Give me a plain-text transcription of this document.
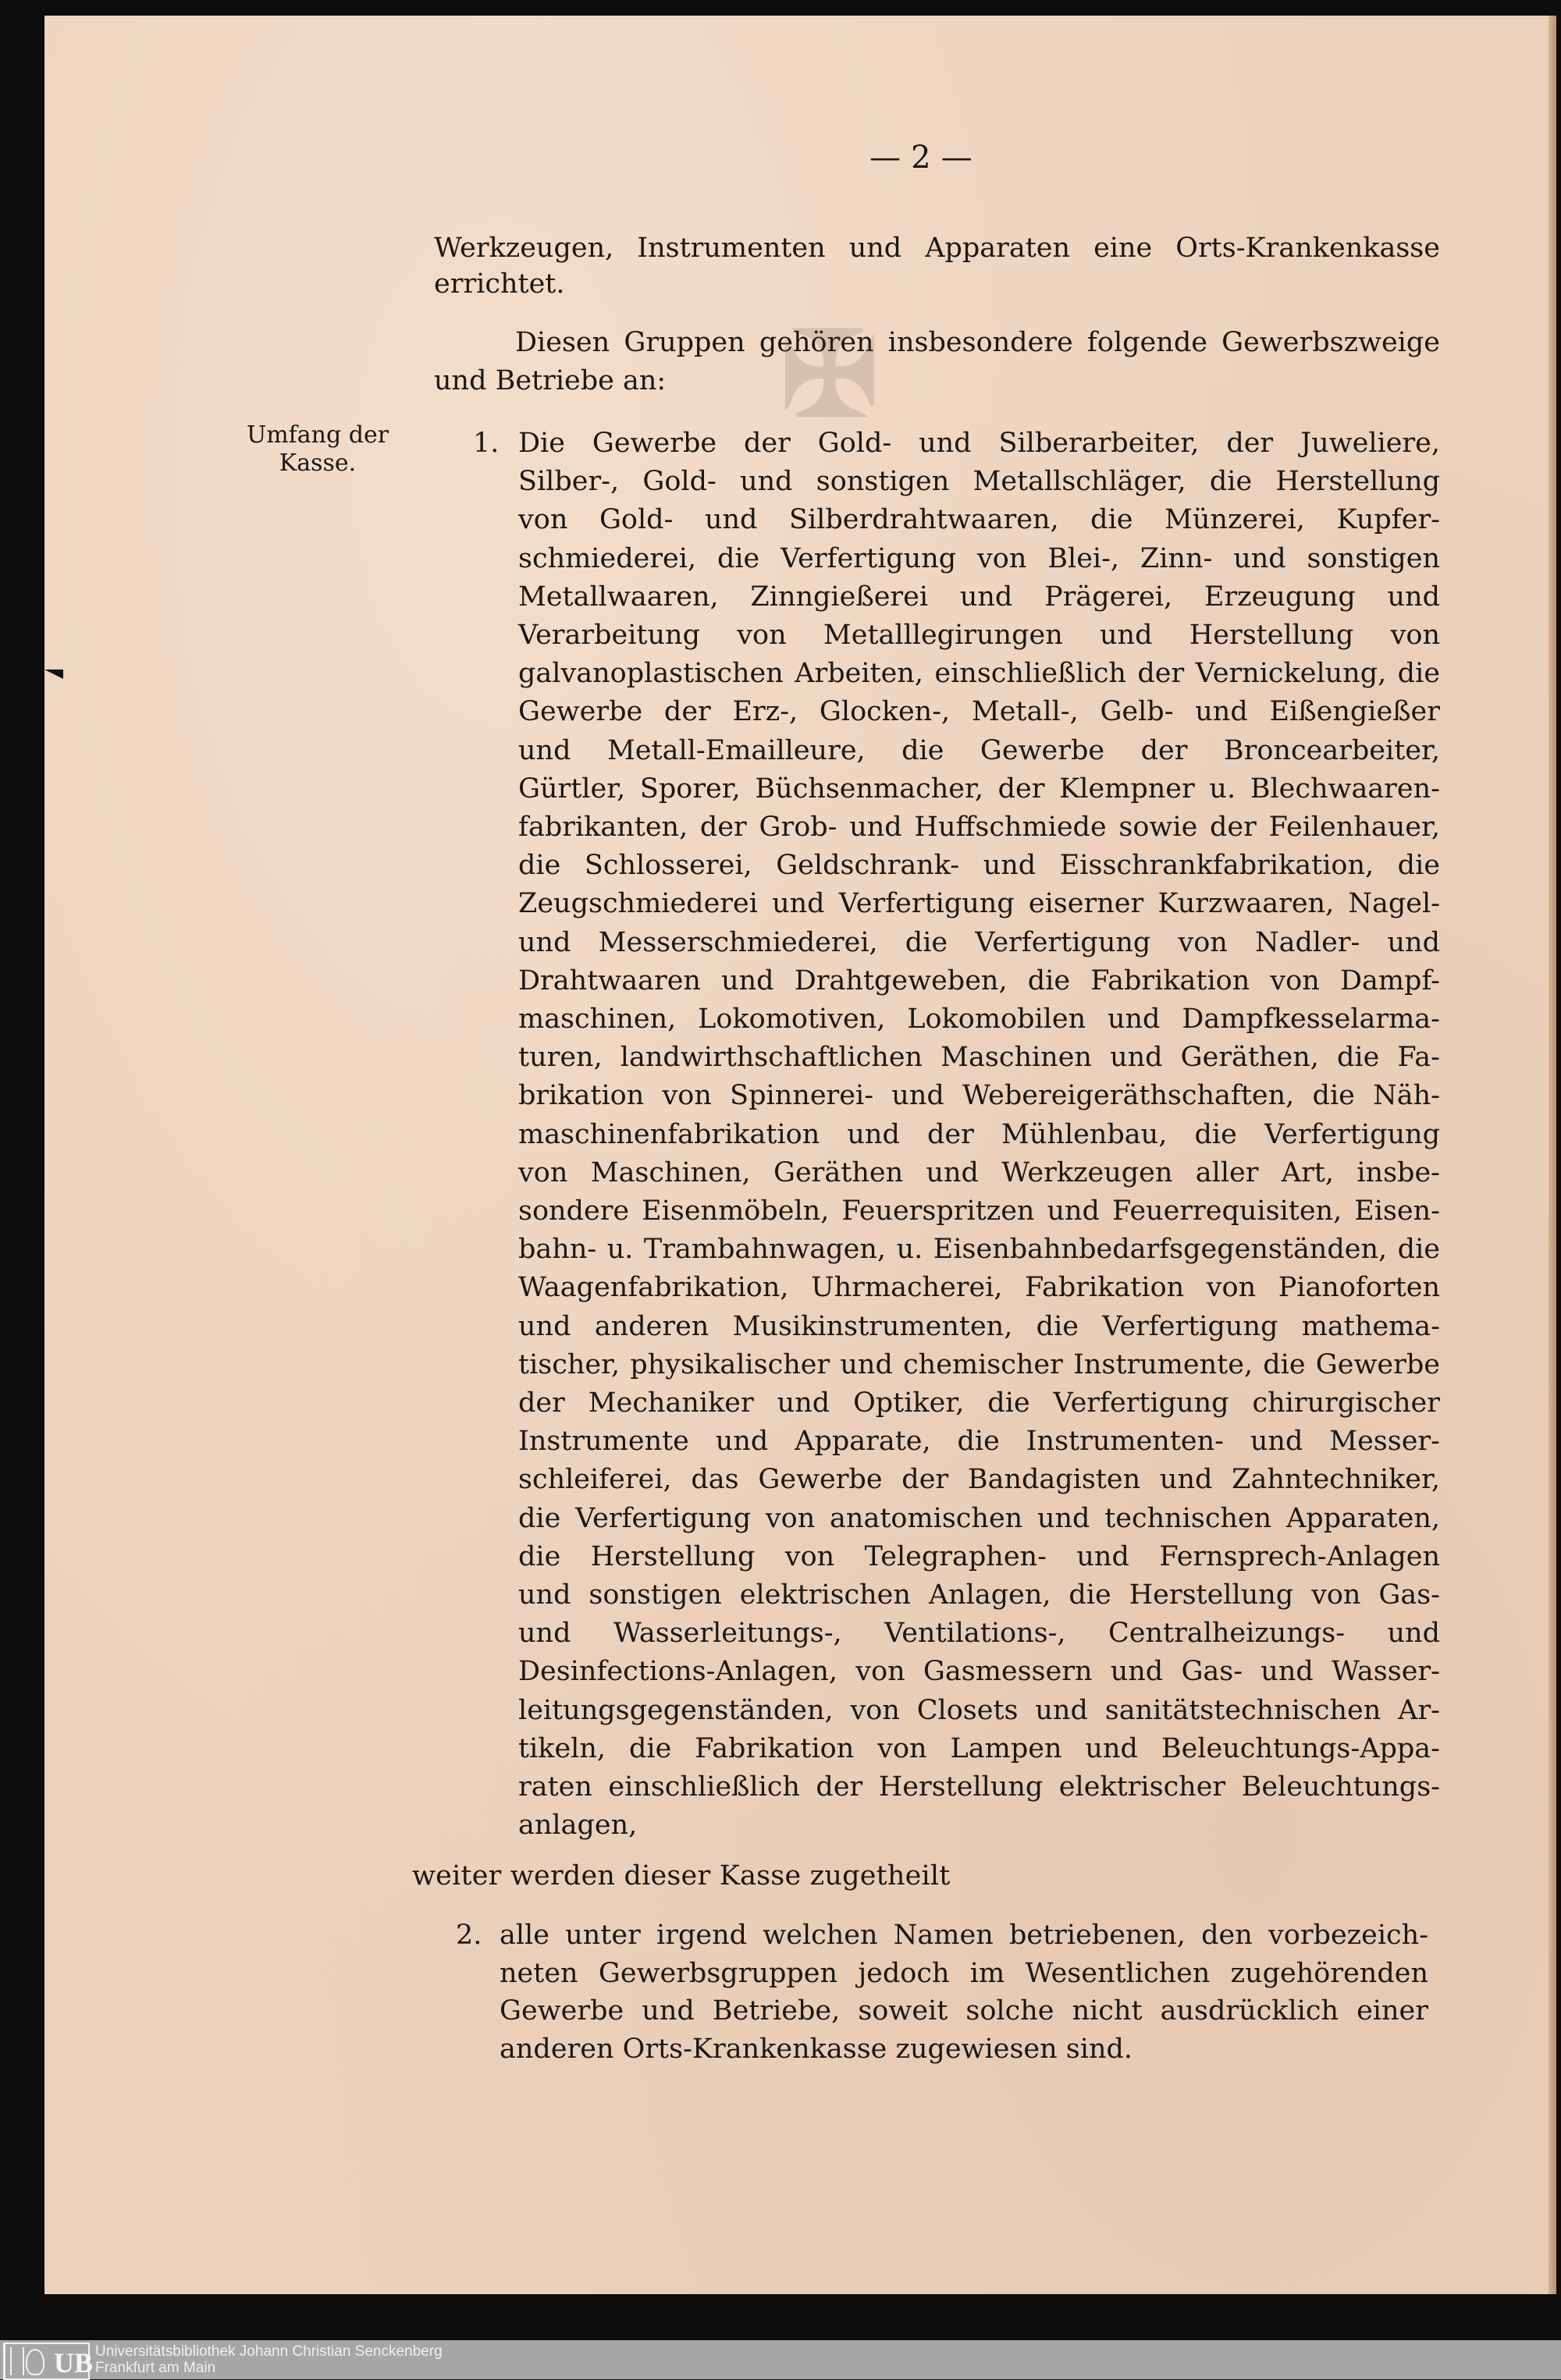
— 2 —
Werkzeugen, Instrumenten und Apparaten eine Orts-Krankenkasse
errichtet.
Diesen Gruppen gehören insbesondere folgende Gewerbszweige
und Betriebe an:
Umfang der
Kasse.
1. Die Gewerbe der Gold- und Silberarbeiter, der Juweliere,
Silber-, Gold- und sonstigen Metallschläger, die Herstellung
von Gold- und Silberdrahtwaaren, die Münzerei, Kupfer-
schmiederei, die Verfertigung von Blei-, Zinn- und sonstigen
Metallwaaren, Zinngießerei und Prägerei, Erzeugung und
Verarbeitung von Metalllegirungen und Herstellung von
galvanoplastischen Arbeiten, einschließlich der Vernickelung, die
Gewerbe der Erz-, Glocken-, Metall-, Gelb- und Eißengießer
und Metall-Emailleure, die Gewerbe der Broncearbeiter,
Gürtler, Sporer, Büchsenmacher, der Klempner u. Blechwaaren-
fabrikanten, der Grob- und Huffschmiede sowie der Feilenhauer,
die Schlosserei, Geldschrank- und Eisschrankfabrikation, die
Zeugschmiederei und Verfertigung eiserner Kurzwaaren, Nagel-
und Messerschmiederei, die Verfertigung von Nadler- und
Drahtwaaren und Drahtgeweben, die Fabrikation von Dampf-
maschinen, Lokomotiven, Lokomobilen und Dampfkesselarma-
turen, landwirthschaftlichen Maschinen und Geräthen, die Fa-
brikation von Spinnerei- und Webereigeräthschaften, die Näh-
maschinenfabrikation und der Mühlenbau, die Verfertigung
von Maschinen, Geräthen und Werkzeugen aller Art, insbe-
sondere Eisenmöbeln, Feuerspritzen und Feuerrequisiten, Eisen-
bahn- u. Trambahnwagen, u. Eisenbahnbedarfsgegenständen, die
Waagenfabrikation, Uhrmacherei, Fabrikation von Pianoforten
und anderen Musikinstrumenten, die Verfertigung mathema-
tischer, physikalischer und chemischer Instrumente, die Gewerbe
der Mechaniker und Optiker, die Verfertigung chirurgischer
Instrumente und Apparate, die Instrumenten- und Messer-
schleiferei, das Gewerbe der Bandagisten und Zahntechniker,
die Verfertigung von anatomischen und technischen Apparaten,
die Herstellung von Telegraphen- und Fernsprech-Anlagen
und sonstigen elektrischen Anlagen, die Herstellung von Gas-
und Wasserleitungs-, Ventilations-, Centralheizungs- und
Desinfections-Anlagen, von Gasmessern und Gas- und Wasser-
leitungsgegenständen, von Closets und sanitätstechnischen Ar-
tikeln, die Fabrikation von Lampen und Beleuchtungs-Appa-
raten einschließlich der Herstellung elektrischer Beleuchtungs-
anlagen,
weiter werden dieser Kasse zugetheilt
2. alle unter irgend welchen Namen betriebenen, den vorbezeich-
neten Gewerbsgruppen jedoch im Wesentlichen zugehörenden
Gewerbe und Betriebe, soweit solche nicht ausdrücklich einer
anderen Orts-Krankenkasse zugewiesen sind.
✠
UB Universitätsbibliothek Johann Christian Senckenberg
Frankfurt am Main
